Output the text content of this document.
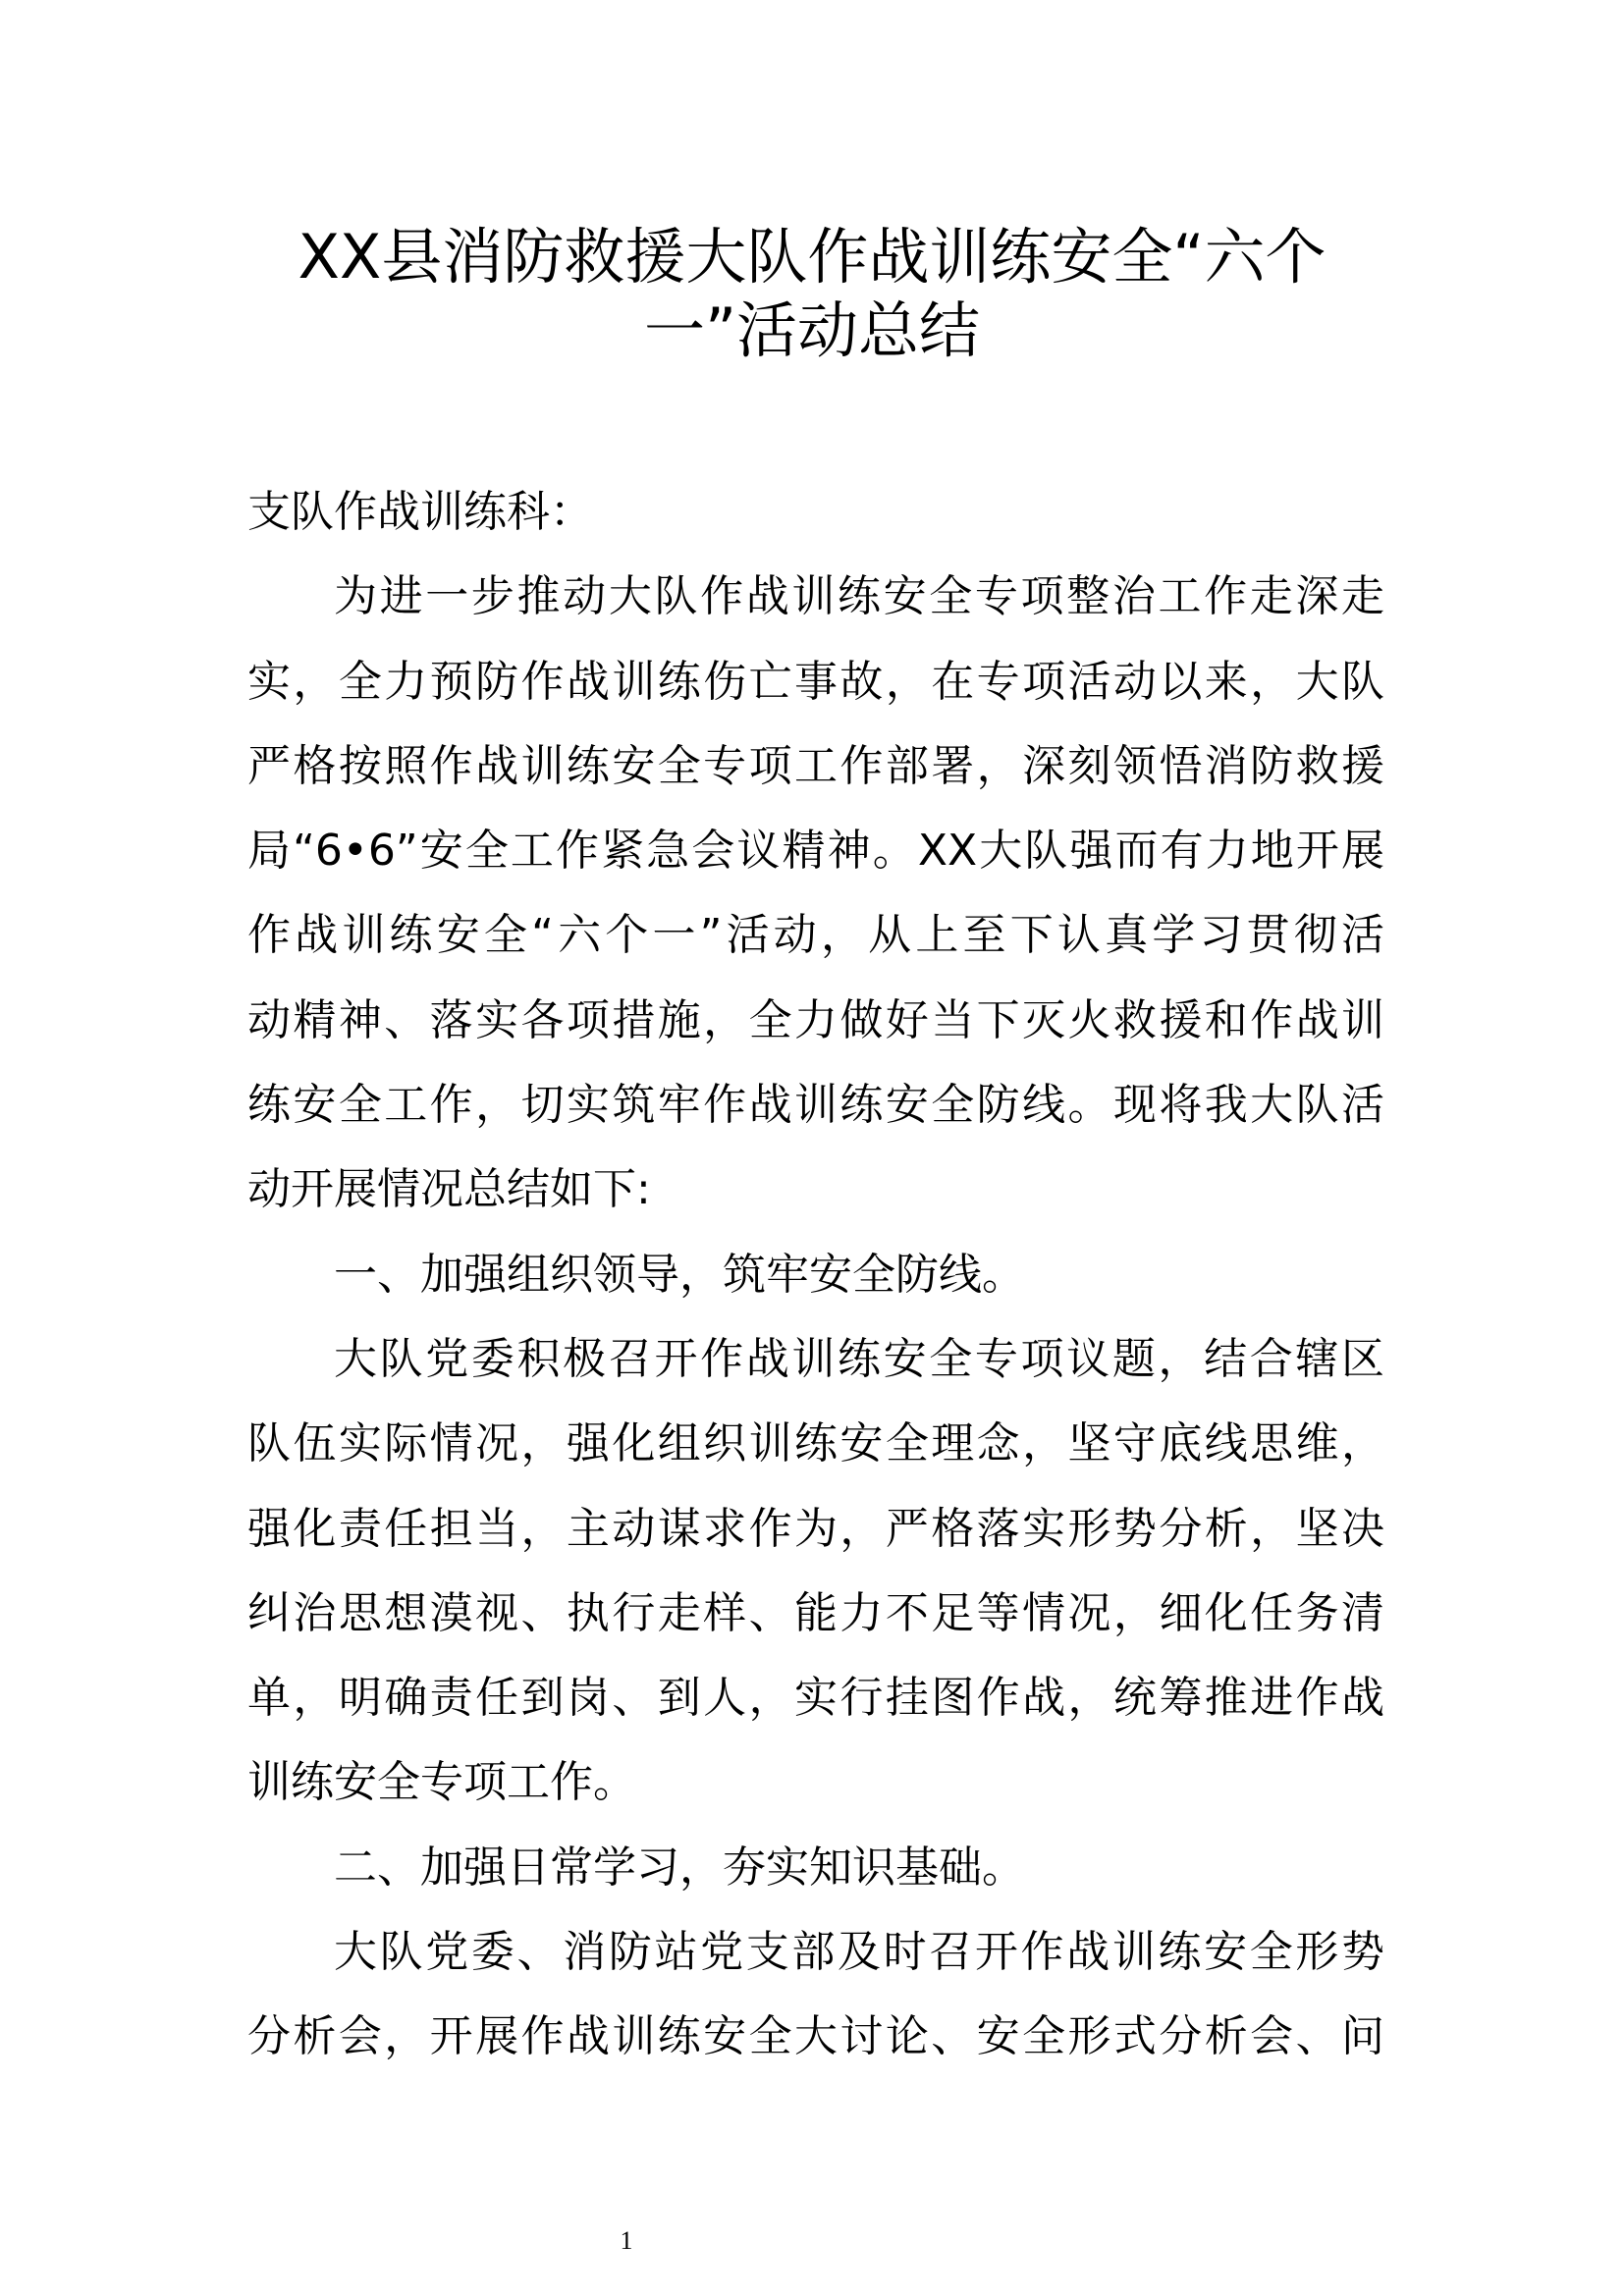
XX县消防救援大队作战训练安全“六个
一”活动总结
支队作战训练科：
为进一步推动大队作战训练安全专项整治工作走深走
实，全力预防作战训练伤亡事故，在专项活动以来，大队
严格按照作战训练安全专项工作部署，深刻领悟消防救援
局“6•6”安全工作紧急会议精神。XX大队强而有力地开展
作战训练安全“六个一”活动，从上至下认真学习贯彻活
动精神、落实各项措施，全力做好当下灭火救援和作战训
练安全工作，切实筑牢作战训练安全防线。现将我大队活
动开展情况总结如下:
一、加强组织领导，筑牢安全防线。
大队党委积极召开作战训练安全专项议题，结合辖区
队伍实际情况，强化组织训练安全理念，坚守底线思维，
强化责任担当，主动谋求作为，严格落实形势分析，坚决
纠治思想漠视、执行走样、能力不足等情况，细化任务清
单，明确责任到岗、到人，实行挂图作战，统筹推进作战
训练安全专项工作。
二、加强日常学习，夯实知识基础。
大队党委、消防站党支部及时召开作战训练安全形势
分析会，开展作战训练安全大讨论、安全形式分析会、问
1
